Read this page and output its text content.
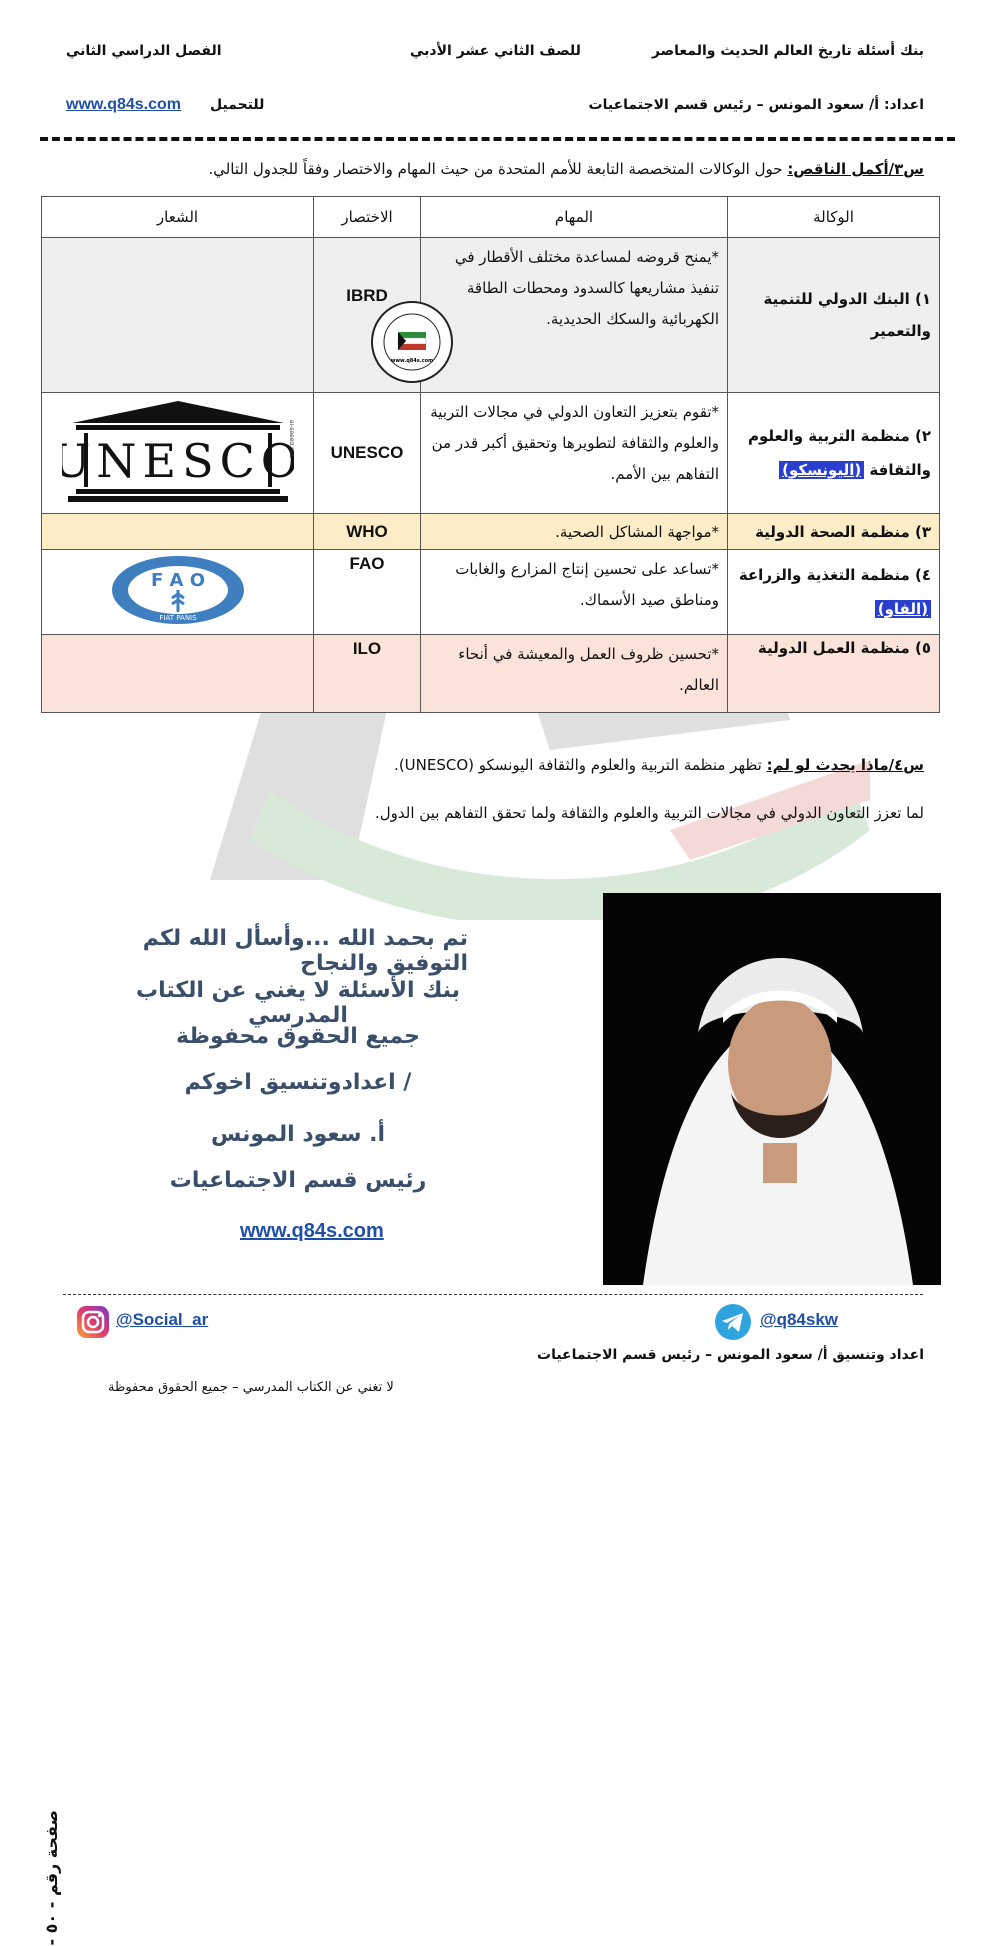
بنك أسئلة تاريخ العالم الحديث والمعاصر
للصف الثاني عشر الأدبي
الفصل الدراسي الثاني
اعداد: أ/ سعود المونس – رئيس قسم الاجتماعيات
للتحميل
www.q84s.com
س٣/أكمل الناقص: حول الوكالات المتخصصة التابعة للأمم المتحدة من حيث المهام والاختصار وفقاً للجدول التالي.
الوكالة	المهام	الاختصار	الشعار
١) البنك الدولي للتنمية والتعمير	*يمنح قروضه لمساعدة مختلف الأقطار في تنفيذ مشاريعها كالسدود ومحطات الطاقة الكهربائية والسكك الحديدية.	IBRD
www.q84s.com	

٢) منظمة التربية والعلوم والثقافة (اليونسكو)	*تقوم بتعزيز التعاون الدولي في مجالات التربية والعلوم والثقافة لتطويرها وتحقيق أكبر قدر من التفاهم بين الأمم.	UNESCO	UNESCO
al-saeed.net

٣) منظمة الصحة الدولية	*مواجهة المشاكل الصحية.	WHO	
٤) منظمة التغذية والزراعة (الفاو)	*تساعد على تحسين إنتاج المزارع والغابات ومناطق صيد الأسماك.	FAO	F A O
FIAT PANIS

٥) منظمة العمل الدولية	*تحسين ظروف العمل والمعيشة في أنحاء العالم.	ILO	
س٤/ماذا يحدث لو لم: تظهر منظمة التربية والعلوم والثقافة اليونسكو (UNESCO).
لما تعزز التعاون الدولي في مجالات التربية والعلوم والثقافة ولما تحقق التفاهم بين الدول.
صفحة رقم - ٥٠ -
تم بحمد الله ...وأسأل الله لكم التوفيق والنجاح
بنك الأسئلة لا يغني عن الكتاب المدرسي
جميع الحقوق محفوظة
اعدادوتنسيق اخوكم /
أ. سعود المونس
رئيس قسم الاجتماعيات
www.q84s.com
@Social_ar	@q84skw
اعداد وتنسيق أ/ سعود المونس – رئيس قسم الاجتماعيات
لا تغني عن الكتاب المدرسي – جميع الحقوق محفوظة
